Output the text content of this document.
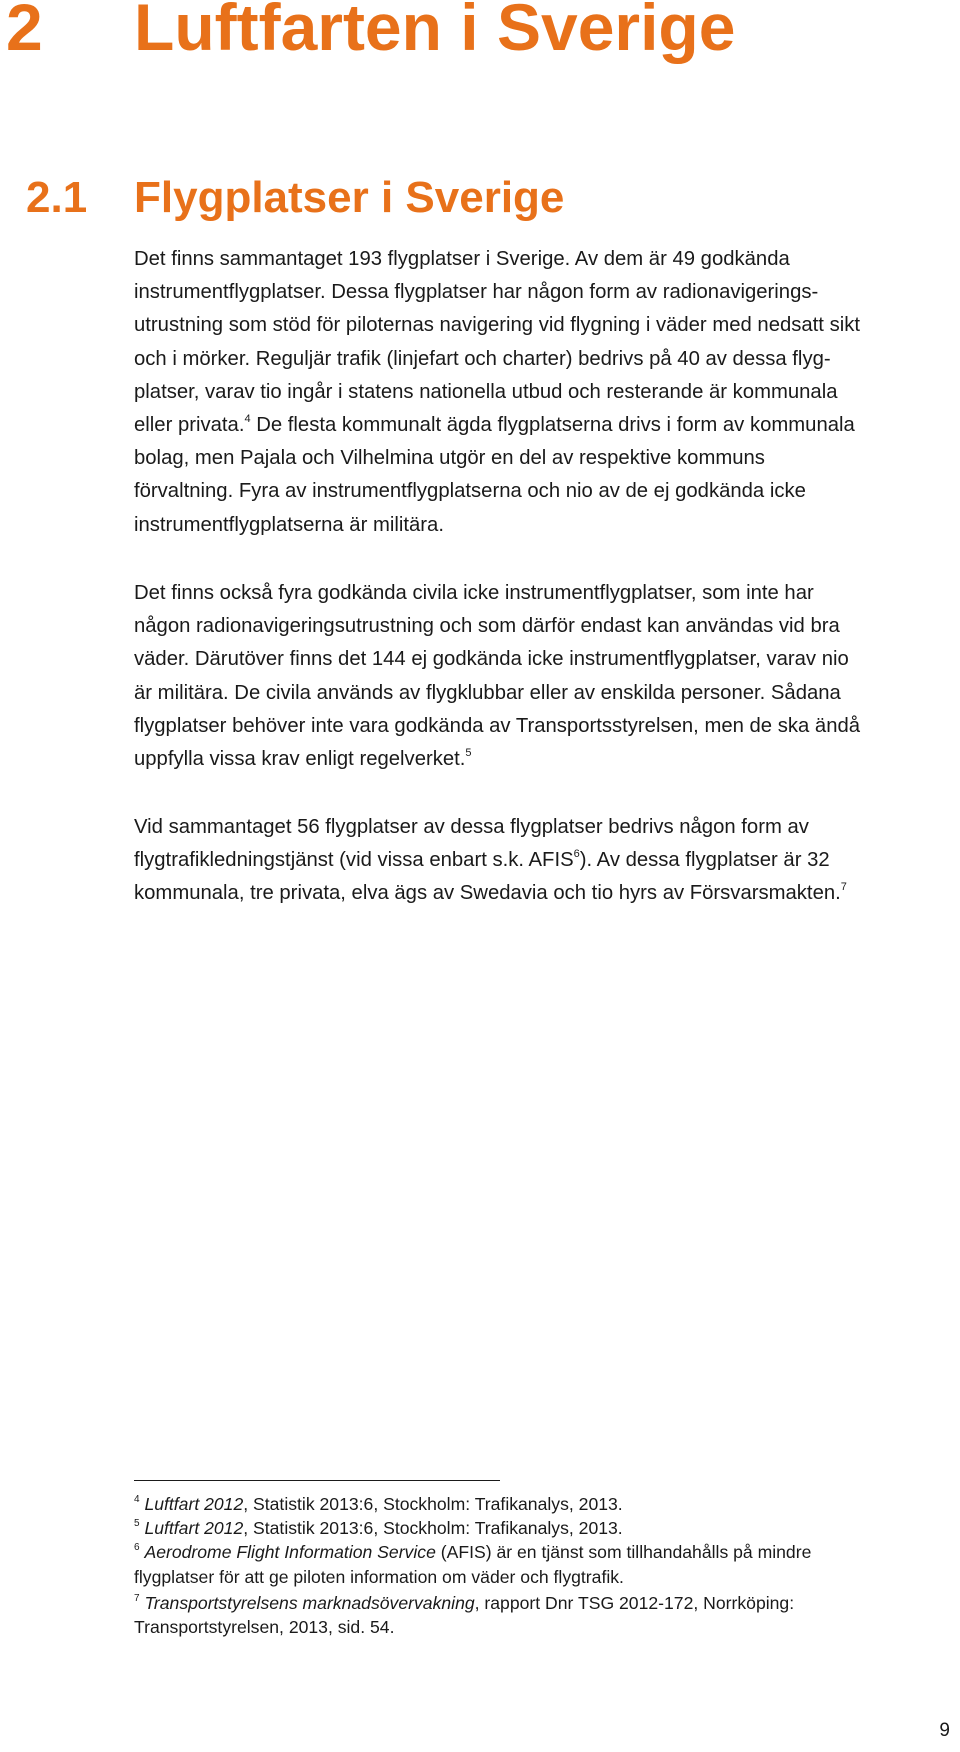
2 Luftfarten i Sverige
2.1 Flygplatser i Sverige
Det finns sammantaget 193 flygplatser i Sverige. Av dem är 49 godkända
instrumentflygplatser. Dessa flygplatser har någon form av radionavigerings-
utrustning som stöd för piloternas navigering vid flygning i väder med nedsatt sikt
och i mörker. Reguljär trafik (linjefart och charter) bedrivs på 40 av dessa flyg-
platser, varav tio ingår i statens nationella utbud och resterande är kommunala
eller privata.$^4$ De flesta kommunalt ägda flygplatserna drivs i form av kommunala
bolag, men Pajala och Vilhelmina utgör en del av respektive kommuns
förvaltning. Fyra av instrumentflygplatserna och nio av de ej godkända icke
instrumentflygplatserna är militära.
Det finns också fyra godkända civila icke instrumentflygplatser, som inte har
någon radionavigeringsutrustning och som därför endast kan användas vid bra
väder. Därutöver finns det 144 ej godkända icke instrumentflygplatser, varav nio
är militära. De civila används av flygklubbar eller av enskilda personer. Sådana
flygplatser behöver inte vara godkända av Transportsstyrelsen, men de ska ändå
uppfylla vissa krav enligt regelverket.$^5$
Vid sammantaget 56 flygplatser av dessa flygplatser bedrivs någon form av
flygtrafikledningstjänst (vid vissa enbart s.k. AFIS$^6$). Av dessa flygplatser är 32
kommunala, tre privata, elva ägs av Swedavia och tio hyrs av Försvarsmakten.$^7$
$^4$ Luftfart 2012, Statistik 2013:6, Stockholm: Trafikanalys, 2013.
$^5$ Luftfart 2012, Statistik 2013:6, Stockholm: Trafikanalys, 2013.
$^6$ Aerodrome Flight Information Service (AFIS) är en tjänst som tillhandahålls på mindre
flygplatser för att ge piloten information om väder och flygtrafik.
$^7$ Transportstyrelsens marknadsövervakning, rapport Dnr TSG 2012-172, Norrköping:
Transportstyrelsen, 2013, sid. 54.
9
